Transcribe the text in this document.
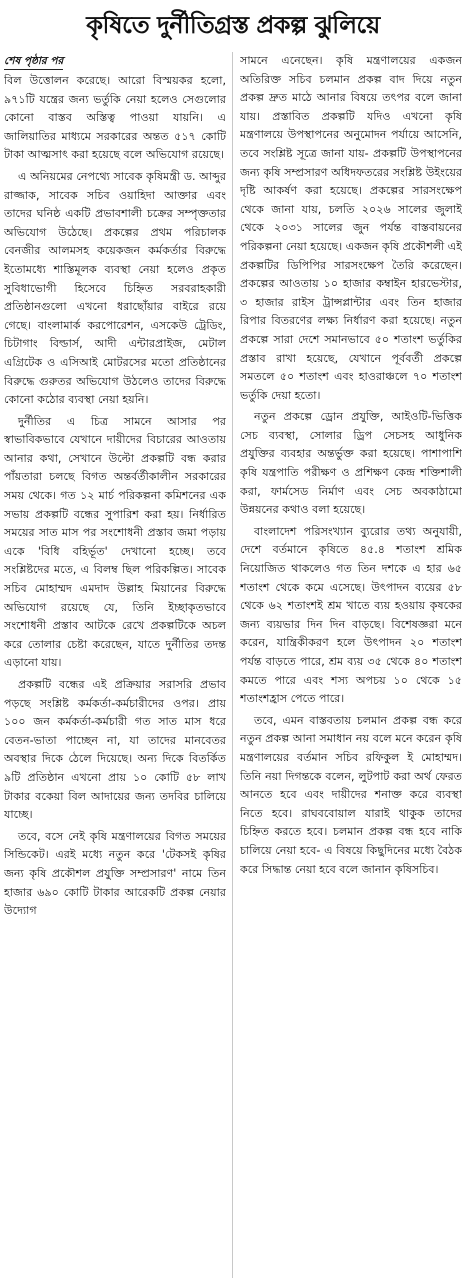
কৃষিতে দুর্নীতিগ্রস্ত প্রকল্প ঝুলিয়ে
শেষ পৃষ্ঠার পর

বিল উত্তোলন করেছে। আরো বিস্ময়কর হলো, ৯৭১টি যন্ত্রের জন্য ভর্তুকি নেয়া হলেও সেগুলোর কোনো বাস্তব অস্তিত্ব পাওয়া যায়নি। এ জালিয়াতির মাধ্যমে সরকারের অন্তত ৫১৭ কোটি টাকা আত্মসাৎ করা হয়েছে বলে অভিযোগ রয়েছে।

এ অনিয়মের নেপথ্যে সাবেক কৃষিমন্ত্রী ড. আব্দুর রাজ্জাক, সাবেক সচিব ওয়াহিদা আক্তার এবং তাদের ঘনিষ্ঠ একটি প্রভাবশালী চক্রের সম্পৃক্ততার অভিযোগ উঠেছে। প্রকল্পের প্রথম পরিচালক বেনজীর আলমসহ কয়েকজন কর্মকর্তার বিরুদ্ধে ইতোমধ্যে শাস্তিমূলক ব্যবস্থা নেয়া হলেও প্রকৃত সুবিধাভোগী হিসেবে চিহ্নিত সরবরাহকারী প্রতিষ্ঠানগুলো এখনো ধরাছোঁয়ার বাইরে রয়ে গেছে। বাংলামার্ক করপোরেশন, এসকেউ ট্রেডিং, চিটাগাং বিল্ডার্স, আদী এন্টারপ্রাইজ, মেটাল এগ্রিটেক ও এসিআই মোটরসের মতো প্রতিষ্ঠানের বিরুদ্ধে গুরুতর অভিযোগ উঠলেও তাদের বিরুদ্ধে কোনো কঠোর ব্যবস্থা নেয়া হয়নি।

দুর্নীতির এ চিত্র সামনে আসার পর স্বাভাবিকভাবে যেখানে দায়ীদের বিচারের আওতায় আনার কথা, সেখানে উল্টো প্রকল্পটি বন্ধ করার পাঁয়তারা চলছে বিগত অন্তর্বর্তীকালীন সরকারের সময় থেকে। গত ১২ মার্চ পরিকল্পনা কমিশনের এক সভায় প্রকল্পটি বন্ধের সুপারিশ করা হয়। নির্ধারিত সময়ের সাত মাস পর সংশোধনী প্রস্তাব জমা পড়ায় একে 'বিধি বহির্ভূত' দেখানো হচ্ছে। তবে সংশ্লিষ্টদের মতে, এ বিলম্ব ছিল পরিকল্পিত। সাবেক সচিব মোহাম্মদ এমদাদ উল্লাহ মিয়ানের বিরুদ্ধে অভিযোগ রয়েছে যে, তিনি ইচ্ছাকৃতভাবে সংশোধনী প্রস্তাব আটকে রেখে প্রকল্পটিকে অচল করে তোলার চেষ্টা করেছেন, যাতে দুর্নীতির তদন্ত এড়ানো যায়।

প্রকল্পটি বন্ধের এই প্রক্রিয়ার সরাসরি প্রভাব পড়ছে সংশ্লিষ্ট কর্মকর্তা-কর্মচারীদের ওপর। প্রায় ১০০ জন কর্মকর্তা-কর্মচারী গত সাত মাস ধরে বেতন-ভাতা পাচ্ছেন না, যা তাদের মানবেতর অবস্থার দিকে ঠেলে দিয়েছে। অন্য দিকে বিতর্কিত ৯টি প্রতিষ্ঠান এখনো প্রায় ১০ কোটি ৫৮ লাখ টাকার বকেয়া বিল আদায়ের জন্য তদবির চালিয়ে যাচ্ছে।

তবে, বসে নেই কৃষি মন্ত্রণালয়ের বিগত সময়ের সিন্ডিকেট। এরই মধ্যে নতুন করে 'টেকসই কৃষির জন্য কৃষি প্রকৌশল প্রযুক্তি সম্প্রসারণ' নামে তিন হাজার ৬৯০ কোটি টাকার আরেকটি প্রকল্প নেয়ার উদ্যোগ

সামনে এনেছেন। কৃষি মন্ত্রণালয়ের একজন অতিরিক্ত সচিব চলমান প্রকল্প বাদ দিয়ে নতুন প্রকল্প দ্রুত মাঠে আনার বিষয়ে তৎপর বলে জানা যায়। প্রস্তাবিত প্রকল্পটি যদিও এখনো কৃষি মন্ত্রণালয়ে উপস্থাপনের অনুমোদন পর্যায়ে আসেনি, তবে সংশ্লিষ্ট সূত্রে জানা যায়- প্রকল্পটি উপস্থাপনের জন্য কৃষি সম্প্রসারণ অধিদফতরের সংশ্লিষ্ট উইংয়ের দৃষ্টি আকর্ষণ করা হয়েছে। প্রকল্পের সারসংক্ষেপ থেকে জানা যায়, চলতি ২০২৬ সালের জুলাই থেকে ২০৩১ সালের জুন পর্যন্ত বাস্তবায়নের পরিকল্পনা নেয়া হয়েছে। একজন কৃষি প্রকৌশলী এই প্রকল্পটির ডিপিপির সারসংক্ষেপ তৈরি করেছেন। প্রকল্পের আওতায় ১০ হাজার কম্বাইন হারভেস্টার, ৩ হাজার রাইস ট্রান্সপ্লান্টার এবং তিন হাজার রিপার বিতরণের লক্ষ্য নির্ধারণ করা হয়েছে। নতুন প্রকল্পে সারা দেশে সমানভাবে ৫০ শতাংশ ভর্তুকির প্রস্তাব রাখা হয়েছে, যেখানে পূর্ববর্তী প্রকল্পে সমতলে ৫০ শতাংশ এবং হাওরাঞ্চলে ৭০ শতাংশ ভর্তুকি দেয়া হতো।

নতুন প্রকল্পে ড্রোন প্রযুক্তি, আইওটি-ভিত্তিক সেচ ব্যবস্থা, সোলার ড্রিপ সেচসহ আধুনিক প্রযুক্তির ব্যবহার অন্তর্ভুক্ত করা হয়েছে। পাশাপাশি কৃষি যন্ত্রপাতি পরীক্ষণ ও প্রশিক্ষণ কেন্দ্র শক্তিশালী করা, ফার্মসেড নির্মাণ এবং সেচ অবকাঠামো উন্নয়নের কথাও বলা হয়েছে।

বাংলাদেশ পরিসংখ্যান ব্যুরোর তথ্য অনুযায়ী, দেশে বর্তমানে কৃষিতে ৪৫.৪ শতাংশ শ্রমিক নিয়োজিত থাকলেও গত তিন দশকে এ হার ৬৫ শতাংশ থেকে কমে এসেছে। উৎপাদন ব্যয়ের ৫৮ থেকে ৬২ শতাংশই শ্রম খাতে ব্যয় হওয়ায় কৃষকের জন্য ব্যয়ভার দিন দিন বাড়ছে। বিশেষজ্ঞরা মনে করেন, যান্ত্রিকীকরণ হলে উৎপাদন ২০ শতাংশ পর্যন্ত বাড়তে পারে, শ্রম ব্যয় ৩৫ থেকে ৪০ শতাংশ কমতে পারে এবং শস্য অপচয় ১০ থেকে ১৫ শতাংশহ্রাস পেতে পারে।

তবে, এমন বাস্তবতায় চলমান প্রকল্প বন্ধ করে নতুন প্রকল্প আনা সমাধান নয় বলে মনে করেন কৃষি মন্ত্রণালয়ের বর্তমান সচিব রফিকুল ই মোহাম্মদ। তিনি নয়া দিগন্তকে বলেন, লুটপাট করা অর্থ ফেরত আনতে হবে এবং দায়ীদের শনাক্ত করে ব্যবস্থা নিতে হবে। রাঘববোয়াল যারাই থাকুক তাদের চিহ্নিত করতে হবে। চলমান প্রকল্প বন্ধ হবে নাকি চালিয়ে নেয়া হবে- এ বিষয়ে কিছুদিনের মধ্যে বৈঠক করে সিদ্ধান্ত নেয়া হবে বলে জানান কৃষিসচিব।
